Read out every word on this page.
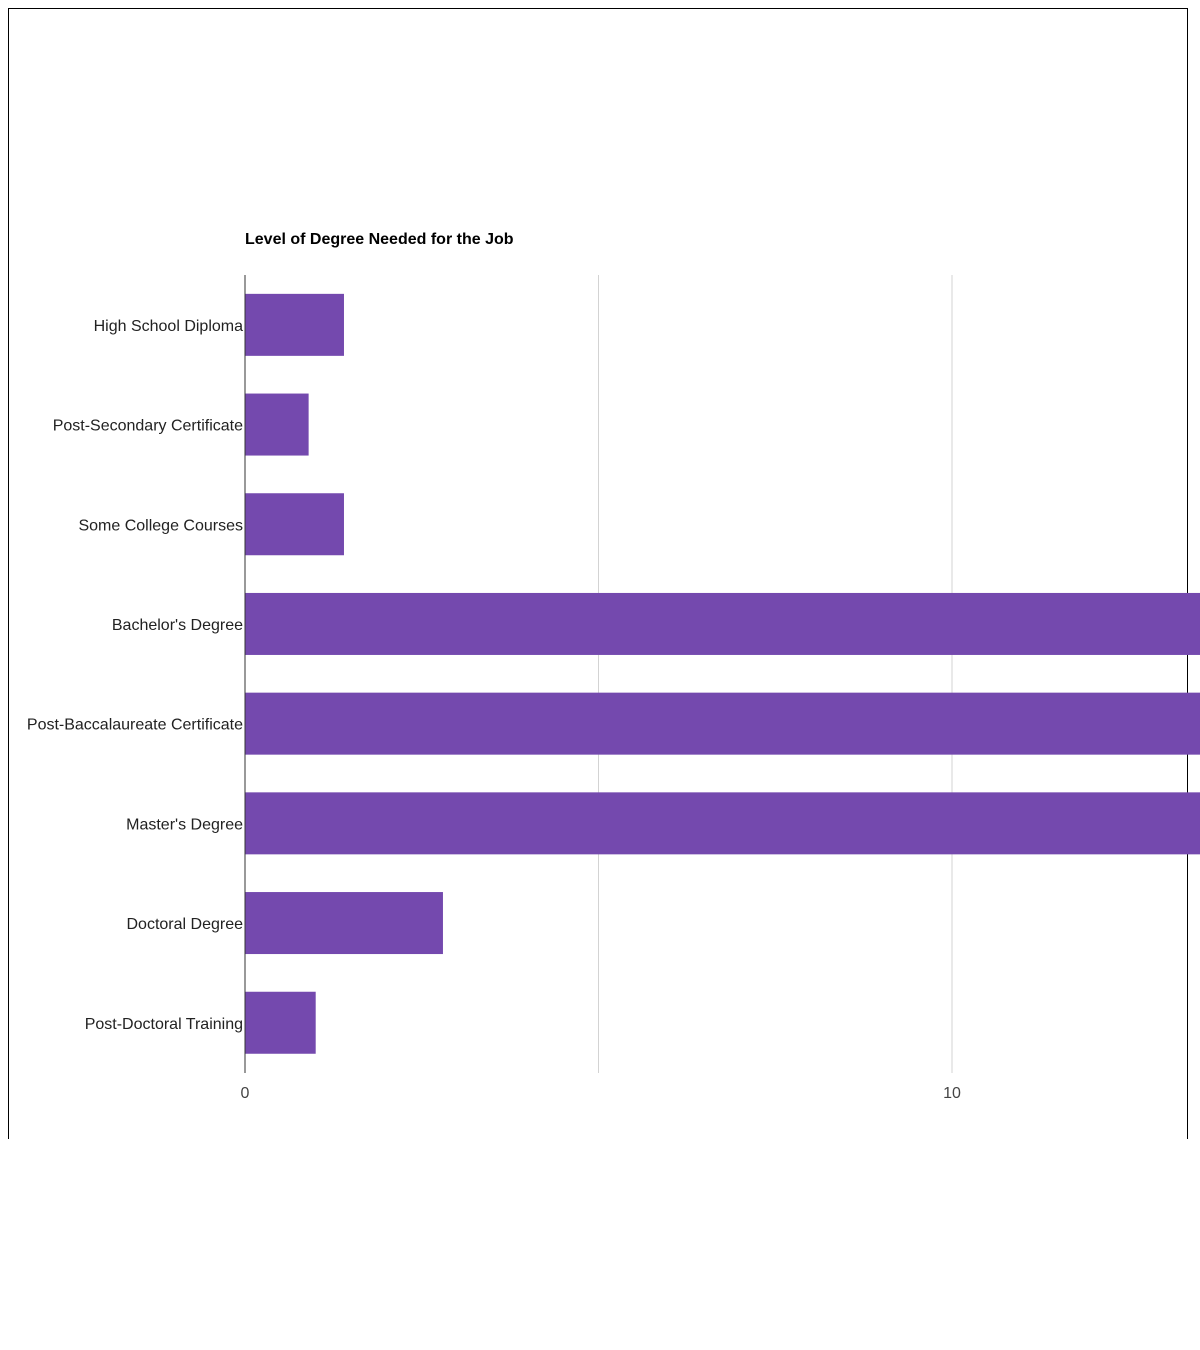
Level of Degree Needed for the Job
High School Diploma
Post-Secondary Certificate
Some College Courses
Bachelor's Degree
Post-Baccalaureate Certificate
Master's Degree
Doctoral Degree
Post-Doctoral Training
0	10
